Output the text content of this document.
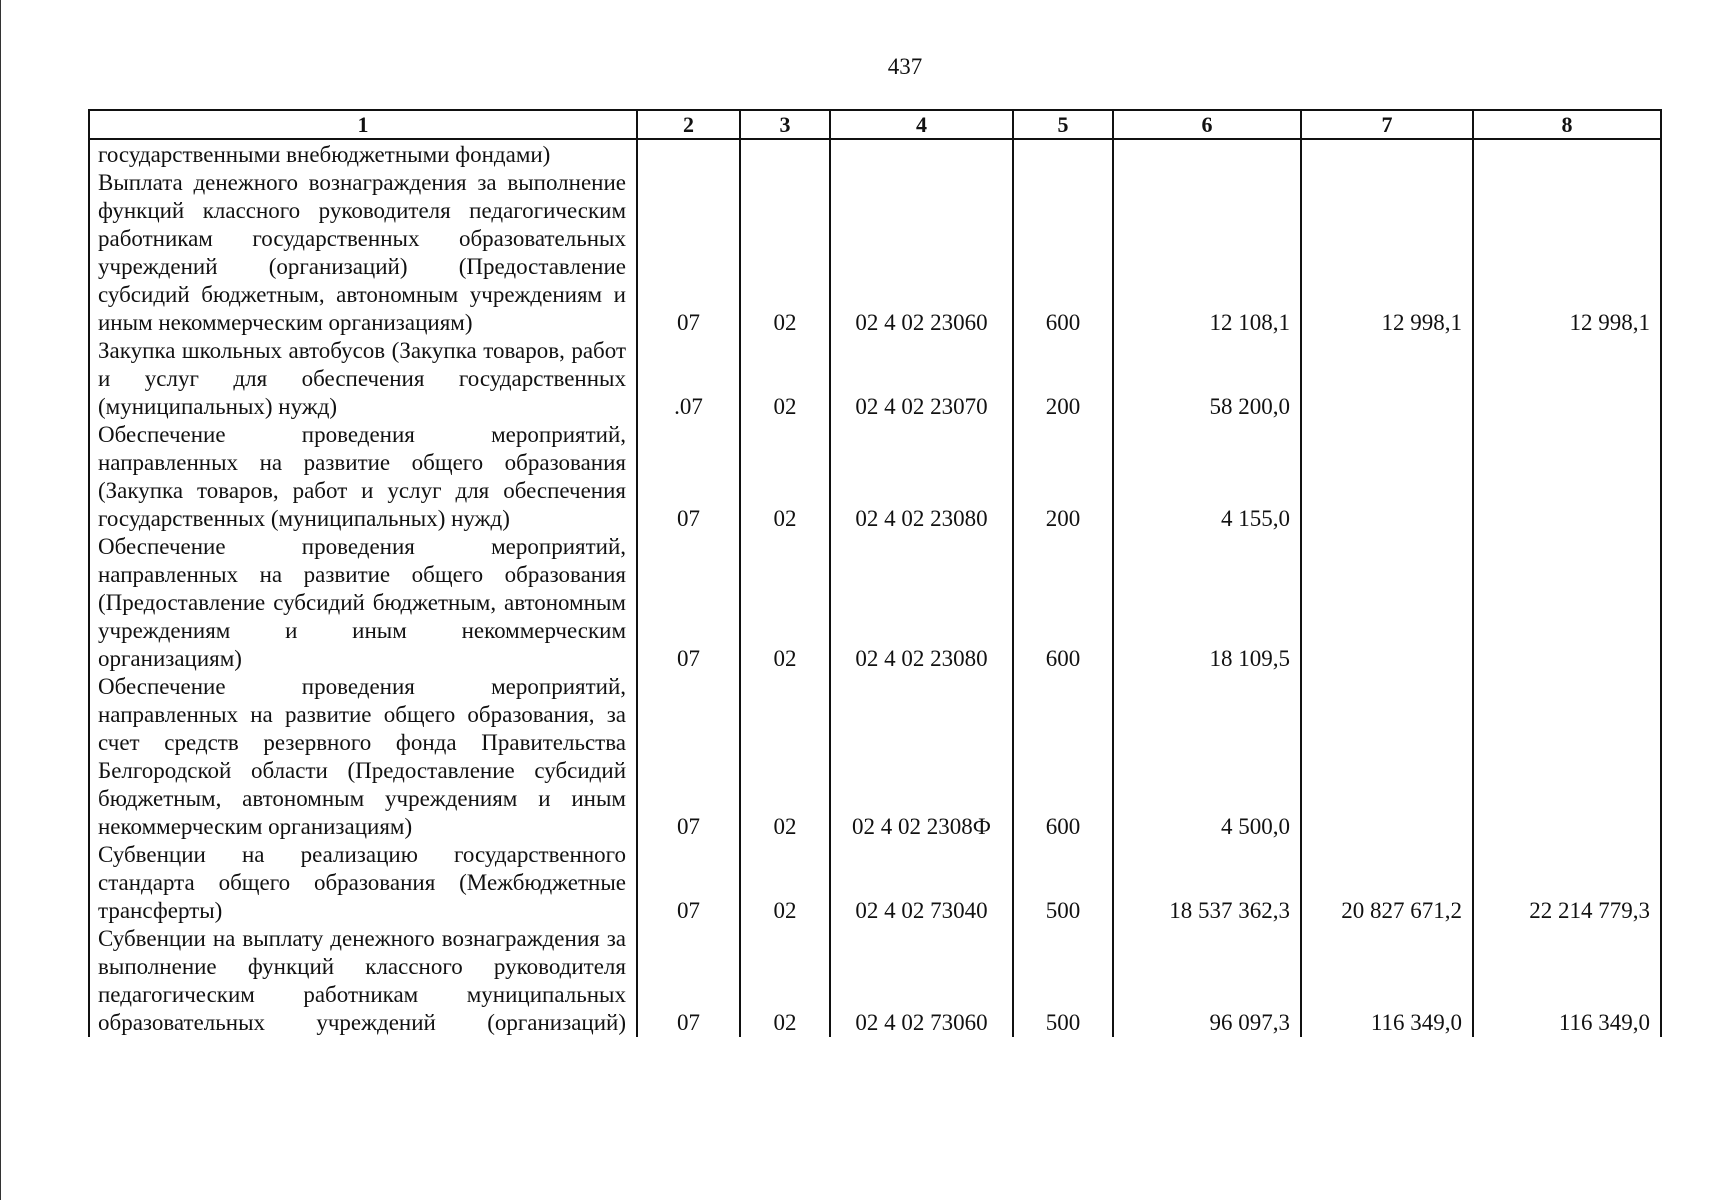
437
1	2	3	4	5	6	7	8
государственными внебюджетными фондами)							
Выплата денежного вознаграждения за выполнение функций классного руководителя педагогическим работникам государственных образовательных учреждений (организаций) (Предоставление субсидий бюджетным, автономным учреждениям и иным некоммерческим организациям)	07	02	02 4 02 23060	600	12 108,1	12 998,1	12 998,1
Закупка школьных автобусов (Закупка товаров, работ и услуг для обеспечения государственных (муниципальных) нужд)	.07	02	02 4 02 23070	200	58 200,0		
Обеспечение проведения мероприятий, направленных на развитие общего образования (Закупка товаров, работ и услуг для обеспечения государственных (муниципальных) нужд)	07	02	02 4 02 23080	200	4 155,0		
Обеспечение проведения мероприятий, направленных на развитие общего образования (Предоставление субсидий бюджетным, автономным учреждениям и иным некоммерческим организациям)	07	02	02 4 02 23080	600	18 109,5		
Обеспечение проведения мероприятий, направленных на развитие общего образования, за счет средств резервного фонда Правительства Белгородской области (Предоставление субсидий бюджетным, автономным учреждениям и иным некоммерческим организациям)	07	02	02 4 02 2308Ф	600	4 500,0		
Субвенции на реализацию государственного стандарта общего образования (Межбюджетные трансферты)	07	02	02 4 02 73040	500	18 537 362,3	20 827 671,2	22 214 779,3
Субвенции на выплату денежного вознаграждения за выполнение функций классного руководителя педагогическим работникам муниципальных образовательных учреждений (организаций)	07	02	02 4 02 73060	500	96 097,3	116 349,0	116 349,0
